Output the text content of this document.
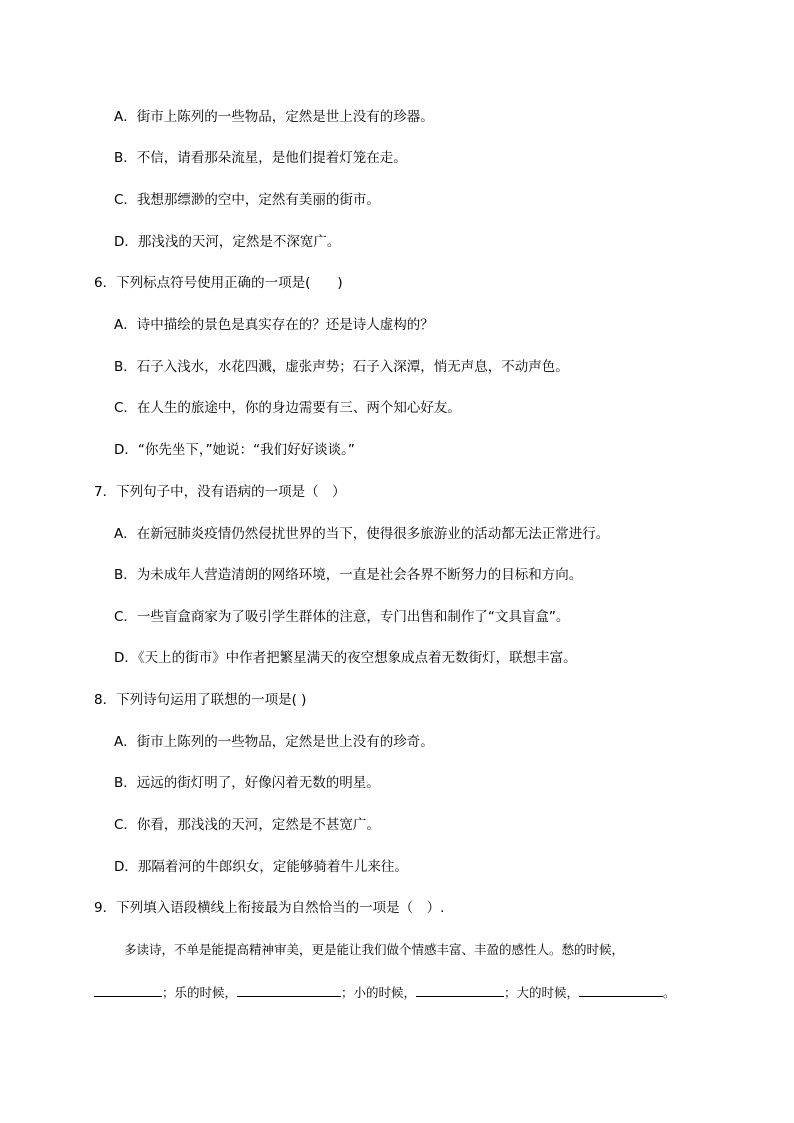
A．街市上陈列的一些物品，定然是世上没有的珍器。
B．不信，请看那朵流星，是他们提着灯笼在走。
C．我想那缥渺的空中，定然有美丽的街市。
D．那浅浅的天河，定然是不深宽广。
6．下列标点符号使用正确的一项是(　　)
A．诗中描绘的景色是真实存在的？还是诗人虚构的？
B．石子入浅水，水花四溅，虚张声势；石子入深潭，悄无声息，不动声色。
C．在人生的旅途中，你的身边需要有三、两个知心好友。
D．“你先坐下，”她说：“我们好好谈谈。”
7．下列句子中，没有语病的一项是（　）
A．在新冠肺炎疫情仍然侵扰世界的当下，使得很多旅游业的活动都无法正常进行。
B．为未成年人营造清朗的网络环境，一直是社会各界不断努力的目标和方向。
C．一些盲盒商家为了吸引学生群体的注意，专门出售和制作了“文具盲盒”。
D．《天上的街市》中作者把繁星满天的夜空想象成点着无数街灯，联想丰富。
8．下列诗句运用了联想的一项是( )
A．街市上陈列的一些物品，定然是世上没有的珍奇。
B．远远的街灯明了，好像闪着无数的明星。
C．你看，那浅浅的天河，定然是不甚宽广。
D．那隔着河的牛郎织女，定能够骑着牛儿来往。
9．下列填入语段横线上衔接最为自然恰当的一项是（　）.
多读诗，不单是能提高精神审美，更是能让我们做个情感丰富、丰盈的感性人。愁的时候，
；乐的时候，	；小的时候，	；大的时候，	。
